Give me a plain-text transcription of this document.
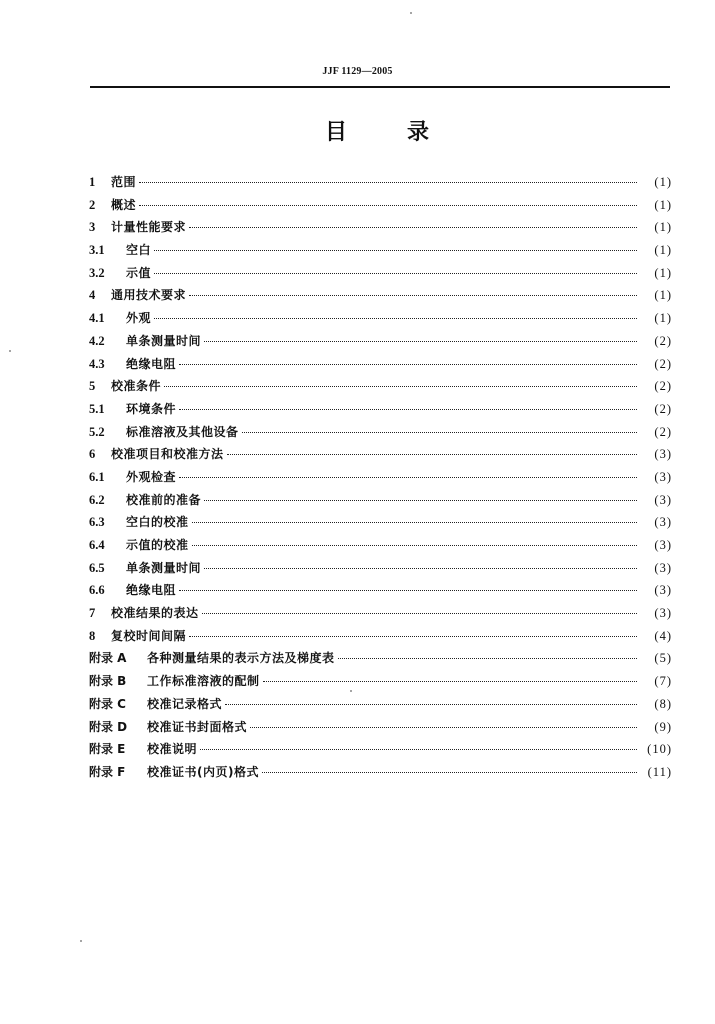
JJF 1129—2005
目	录
1	范围	(1)
2	概述	(1)
3	计量性能要求	(1)
3.1	空白	(1)
3.2	示值	(1)
4	通用技术要求	(1)
4.1	外观	(1)
4.2	单条测量时间	(2)
4.3	绝缘电阻	(2)
5	校准条件	(2)
5.1	环境条件	(2)
5.2	标准溶液及其他设备	(2)
6	校准项目和校准方法	(3)
6.1	外观检查	(3)
6.2	校准前的准备	(3)
6.3	空白的校准	(3)
6.4	示值的校准	(3)
6.5	单条测量时间	(3)
6.6	绝缘电阻	(3)
7	校准结果的表达	(3)
8	复校时间间隔	(4)
附录 A	各种测量结果的表示方法及梯度表	(5)
附录 B	工作标准溶液的配制	(7)
附录 C	校准记录格式	(8)
附录 D	校准证书封面格式	(9)
附录 E	校准说明	(10)
附录 F	校准证书(内页)格式	(11)
